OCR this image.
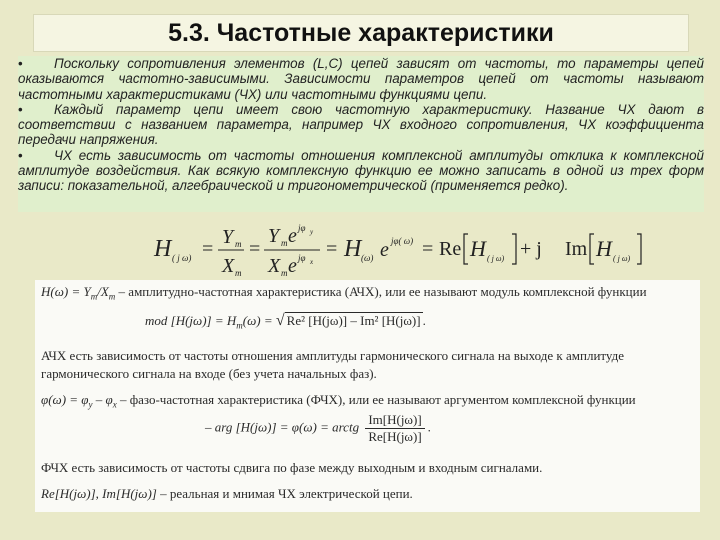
5.3. Частотные характеристики

• Поскольку сопротивления элементов (L,C) цепей зависят от частоты, то параметры цепей оказываются частотно-зависимыми. Зависимости параметров цепей от частоты называют частотными характеристиками (ЧХ) или частотными функциями цепи.

• Каждый параметр цепи имеет свою частотную характеристику. Название ЧХ дают в соответствии с названием параметра, например ЧХ входного сопротивления, ЧХ коэффициента передачи напряжения.

• ЧХ есть зависимость от частоты отношения комплексной амплитуды отклика к комплексной амплитуде воздействия. Как всякую комплексную функцию ее можно записать в одной из трех форм записи: показательной, алгебраической и тригонометрической (применяется редко).

H ( j ω) =
Y m
X m
=
Y m e jφ y
X m e jφ x
= H (ω) e jφ( ω) = Re H ( j ω) + j Im H ( j ω)
$H(\omega) = Y_m/X_m$ – амплитудно-частотная характеристика (АЧХ), или ее называют модуль комплексной функции
mod $[H(j\omega)] = H_m(\omega)$ = √ Re² [H(jω)] – Im² [H(jω)] .
АЧХ есть зависимость от частоты отношения амплитуды гармонического сигнала на выходе к амплитуде
гармонического сигнала на входе (без учета начальных фаз).
$\varphi(\omega) = \varphi_y - \varphi_x$ – фазо-частотная характеристика (ФЧХ), или ее называют аргументом комплексной функции
– arg [H(jω)] = φ(ω) = arctg $\frac{Im[H(j\omega)]}{Re[H(j\omega)]}$ .
ФЧХ есть зависимость от частоты сдвига по фазе между выходным и входным сигналами.
Re[H(jω)], Im[H(jω)] – реальная и мнимая ЧХ электрической цепи.
